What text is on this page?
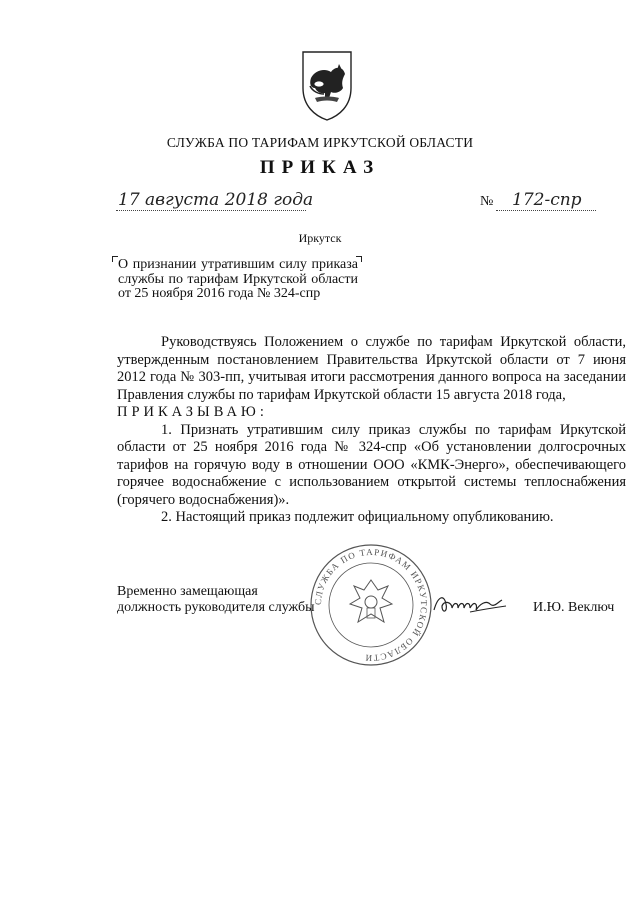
СЛУЖБА ПО ТАРИФАМ ИРКУТСКОЙ ОБЛАСТИ
ПРИКАЗ
17 августа 2018 года	№ 172-спр
Иркутск
О признании утратившим силу приказа службы по тарифам Иркутской области от 25 ноября 2016 года № 324-спр

Руководствуясь Положением о службе по тарифам Иркутской области, утвержденным постановлением Правительства Иркутской области от 7 июня 2012 года № 303-пп, учитывая итоги рассмотрения данного вопроса на заседании Правления службы по тарифам Иркутской области 15 августа 2018 года,

ПРИКАЗЫВАЮ:

1. Признать утратившим силу приказ службы по тарифам Иркутской области от 25 ноября 2016 года № 324-спр «Об установлении долгосрочных тарифов на горячую воду в отношении ООО «КМК-Энерго», обеспечивающего горячее водоснабжение с использованием открытой системы теплоснабжения (горячего водоснабжения)».

2. Настоящий приказ подлежит официальному опубликованию.

СЛУЖБА ПО ТАРИФАМ ИРКУТСКОЙ ОБЛАСТИ
Временно замещающая
должность руководителя службы	И.Ю. Веключ
